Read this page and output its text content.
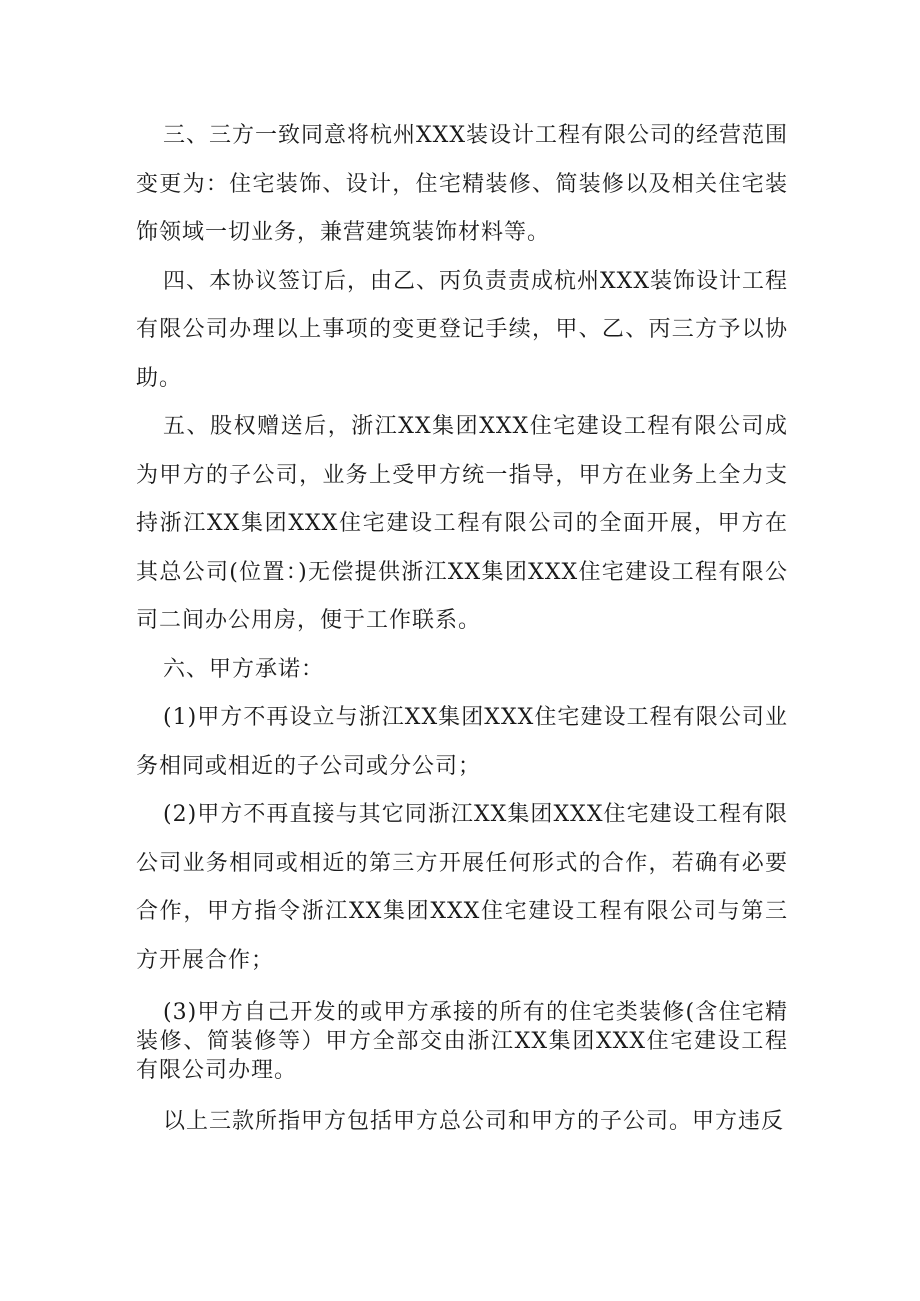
三、三方一致同意将杭州XXX装设计工程有限公司的经营范围变更为：住宅装饰、设计，住宅精装修、简装修以及相关住宅装饰领域一切业务，兼营建筑装饰材料等。

四、本协议签订后，由乙、丙负责责成杭州XXX装饰设计工程有限公司办理以上事项的变更登记手续，甲、乙、丙三方予以协助。

五、股权赠送后，浙江XX集团XXX住宅建设工程有限公司成为甲方的子公司，业务上受甲方统一指导，甲方在业务上全力支持浙江XX集团XXX住宅建设工程有限公司的全面开展，甲方在其总公司(位置：)无偿提供浙江XX集团XXX住宅建设工程有限公司二间办公用房，便于工作联系。

六、甲方承诺：

(1)甲方不再设立与浙江XX集团XXX住宅建设工程有限公司业务相同或相近的子公司或分公司；

(2)甲方不再直接与其它同浙江XX集团XXX住宅建设工程有限公司业务相同或相近的第三方开展任何形式的合作，若确有必要合作，甲方指令浙江XX集团XXX住宅建设工程有限公司与第三方开展合作；

(3)甲方自己开发的或甲方承接的所有的住宅类装修(含住宅精装修、简装修等）甲方全部交由浙江XX集团XXX住宅建设工程有限公司办理。

以上三款所指甲方包括甲方总公司和甲方的子公司。甲方违反
